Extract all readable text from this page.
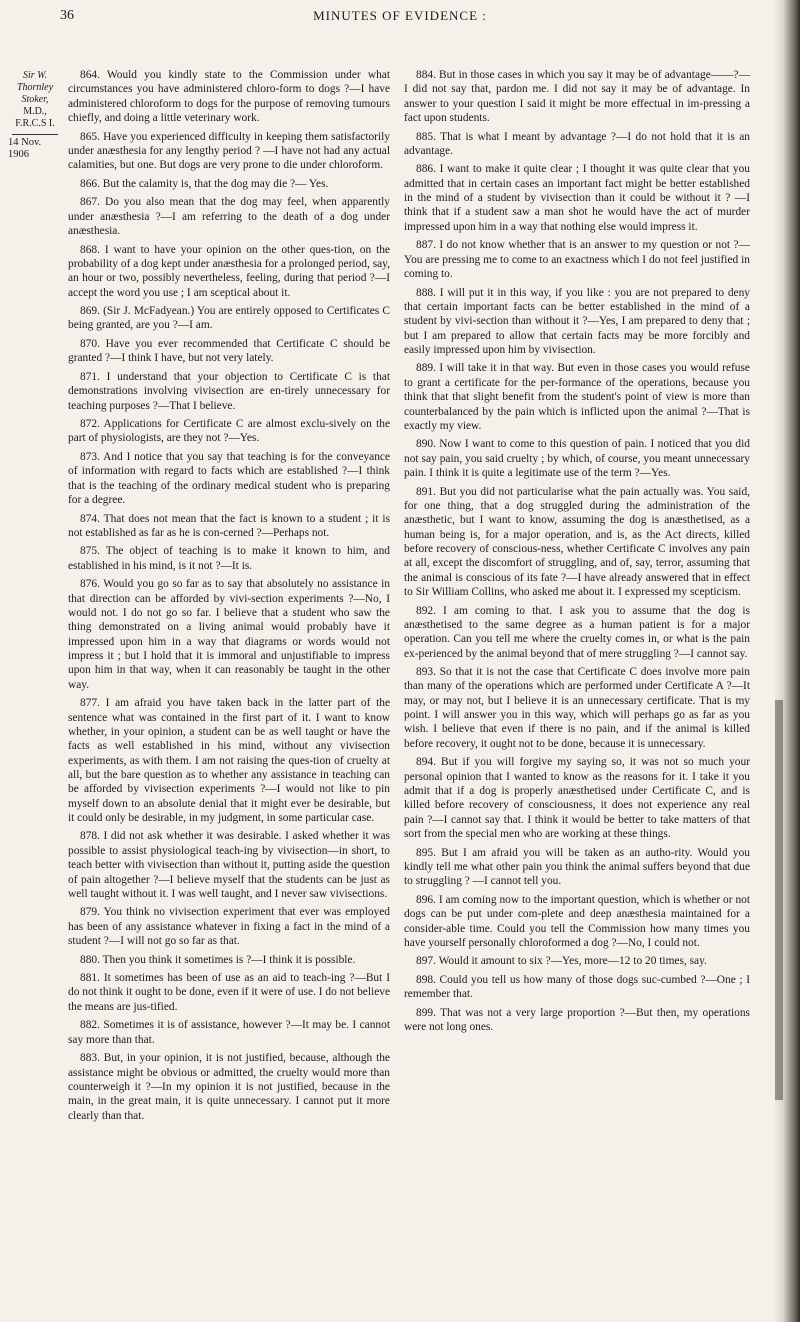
36	MINUTES OF EVIDENCE :
Sir W.
Thornley
Stoker,
M.D.,
F.R.C.S I.
14 Nov. 1906

864. Would you kindly state to the Commission under what circumstances you have administered chloro-form to dogs ?—I have administered chloroform to dogs for the purpose of removing tumours chiefly, and doing a little veterinary work.

865. Have you experienced difficulty in keeping them satisfactorily under anæsthesia for any lengthy period ? —I have not had any actual calamities, but one. But dogs are very prone to die under chloroform.

866. But the calamity is, that the dog may die ?— Yes.

867. Do you also mean that the dog may feel, when apparently under anæsthesia ?—I am referring to the death of a dog under anæsthesia.

868. I want to have your opinion on the other ques-tion, on the probability of a dog kept under anæsthesia for a prolonged period, say, an hour or two, possibly nevertheless, feeling, during that period ?—I accept the word you use ; I am sceptical about it.

869. (Sir J. McFadyean.) You are entirely opposed to Certificates C being granted, are you ?—I am.

870. Have you ever recommended that Certificate C should be granted ?—I think I have, but not very lately.

871. I understand that your objection to Certificate C is that demonstrations involving vivisection are en-tirely unnecessary for teaching purposes ?—That I believe.

872. Applications for Certificate C are almost exclu-sively on the part of physiologists, are they not ?—Yes.

873. And I notice that you say that teaching is for the conveyance of information with regard to facts which are established ?—I think that is the teaching of the ordinary medical student who is preparing for a degree.

874. That does not mean that the fact is known to a student ; it is not established as far as he is con-cerned ?—Perhaps not.

875. The object of teaching is to make it known to him, and established in his mind, is it not ?—It is.

876. Would you go so far as to say that absolutely no assistance in that direction can be afforded by vivi-section experiments ?—No, I would not. I do not go so far. I believe that a student who saw the thing demonstrated on a living animal would probably have it impressed upon him in a way that diagrams or words would not impress it ; but I hold that it is immoral and unjustifiable to impress upon him in that way, when it can reasonably be taught in the other way.

877. I am afraid you have taken back in the latter part of the sentence what was contained in the first part of it. I want to know whether, in your opinion, a student can be as well taught or have the facts as well established in his mind, without any vivisection experiments, as with them. I am not raising the ques-tion of cruelty at all, but the bare question as to whether any assistance in teaching can be afforded by vivisection experiments ?—I would not like to pin myself down to an absolute denial that it might ever be desirable, but it could only be desirable, in my judgment, in some particular case.

878. I did not ask whether it was desirable. I asked whether it was possible to assist physiological teach-ing by vivisection—in short, to teach better with vivisection than without it, putting aside the question of pain altogether ?—I believe myself that the students can be just as well taught without it. I was well taught, and I never saw vivisections.

879. You think no vivisection experiment that ever was employed has been of any assistance whatever in fixing a fact in the mind of a student ?—I will not go so far as that.

880. Then you think it sometimes is ?—I think it is possible.

881. It sometimes has been of use as an aid to teach-ing ?—But I do not think it ought to be done, even if it were of use. I do not believe the means are jus-tified.

882. Sometimes it is of assistance, however ?—It may be. I cannot say more than that.

883. But, in your opinion, it is not justified, because, although the assistance might be obvious or admitted, the cruelty would more than counterweigh it ?—In my opinion it is not justified, because in the main, in the great main, it is quite unnecessary. I cannot put it more clearly than that.

884. But in those cases in which you say it may be of advantage——?—I did not say that, pardon me. I did not say it may be of advantage. In answer to your question I said it might be more effectual in im-pressing a fact upon students.

885. That is what I meant by advantage ?—I do not hold that it is an advantage.

886. I want to make it quite clear ; I thought it was quite clear that you admitted that in certain cases an important fact might be better established in the mind of a student by vivisection than it could be without it ? —I think that if a student saw a man shot he would have the act of murder impressed upon him in a way that nothing else would impress it.

887. I do not know whether that is an answer to my question or not ?—You are pressing me to come to an exactness which I do not feel justified in coming to.

888. I will put it in this way, if you like : you are not prepared to deny that certain important facts can be better established in the mind of a student by vivi-section than without it ?—Yes, I am prepared to deny that ; but I am prepared to allow that certain facts may be more forcibly and easily impressed upon him by vivisection.

889. I will take it in that way. But even in those cases you would refuse to grant a certificate for the per-formance of the operations, because you think that that slight benefit from the student's point of view is more than counterbalanced by the pain which is inflicted upon the animal ?—That is exactly my view.

890. Now I want to come to this question of pain. I noticed that you did not say pain, you said cruelty ; by which, of course, you meant unnecessary pain. I think it is quite a legitimate use of the term ?—Yes.

891. But you did not particularise what the pain actually was. You said, for one thing, that a dog struggled during the administration of the anæsthetic, but I want to know, assuming the dog is anæsthetised, as a human being is, for a major operation, and is, as the Act directs, killed before recovery of conscious-ness, whether Certificate C involves any pain at all, except the discomfort of struggling, and of, say, terror, assuming that the animal is conscious of its fate ?—I have already answered that in effect to Sir William Collins, who asked me about it. I expressed my scepticism.

892. I am coming to that. I ask you to assume that the dog is anæsthetised to the same degree as a human patient is for a major operation. Can you tell me where the cruelty comes in, or what is the pain ex-perienced by the animal beyond that of mere struggling ?—I cannot say.

893. So that it is not the case that Certificate C does involve more pain than many of the operations which are performed under Certificate A ?—It may, or may not, but I believe it is an unnecessary certificate. That is my point. I will answer you in this way, which will perhaps go as far as you wish. I believe that even if there is no pain, and if the animal is killed before recovery, it ought not to be done, because it is unnecessary.

894. But if you will forgive my saying so, it was not so much your personal opinion that I wanted to know as the reasons for it. I take it you admit that if a dog is properly anæsthetised under Certificate C, and is killed before recovery of consciousness, it does not experience any real pain ?—I cannot say that. I think it would be better to take matters of that sort from the special men who are working at these things.

895. But I am afraid you will be taken as an autho-rity. Would you kindly tell me what other pain you think the animal suffers beyond that due to struggling ? —I cannot tell you.

896. I am coming now to the important question, which is whether or not dogs can be put under com-plete and deep anæsthesia maintained for a consider-able time. Could you tell the Commission how many times you have yourself personally chloroformed a dog ?—No, I could not.

897. Would it amount to six ?—Yes, more—12 to 20 times, say.

898. Could you tell us how many of those dogs suc-cumbed ?—One ; I remember that.

899. That was not a very large proportion ?—But then, my operations were not long ones.
